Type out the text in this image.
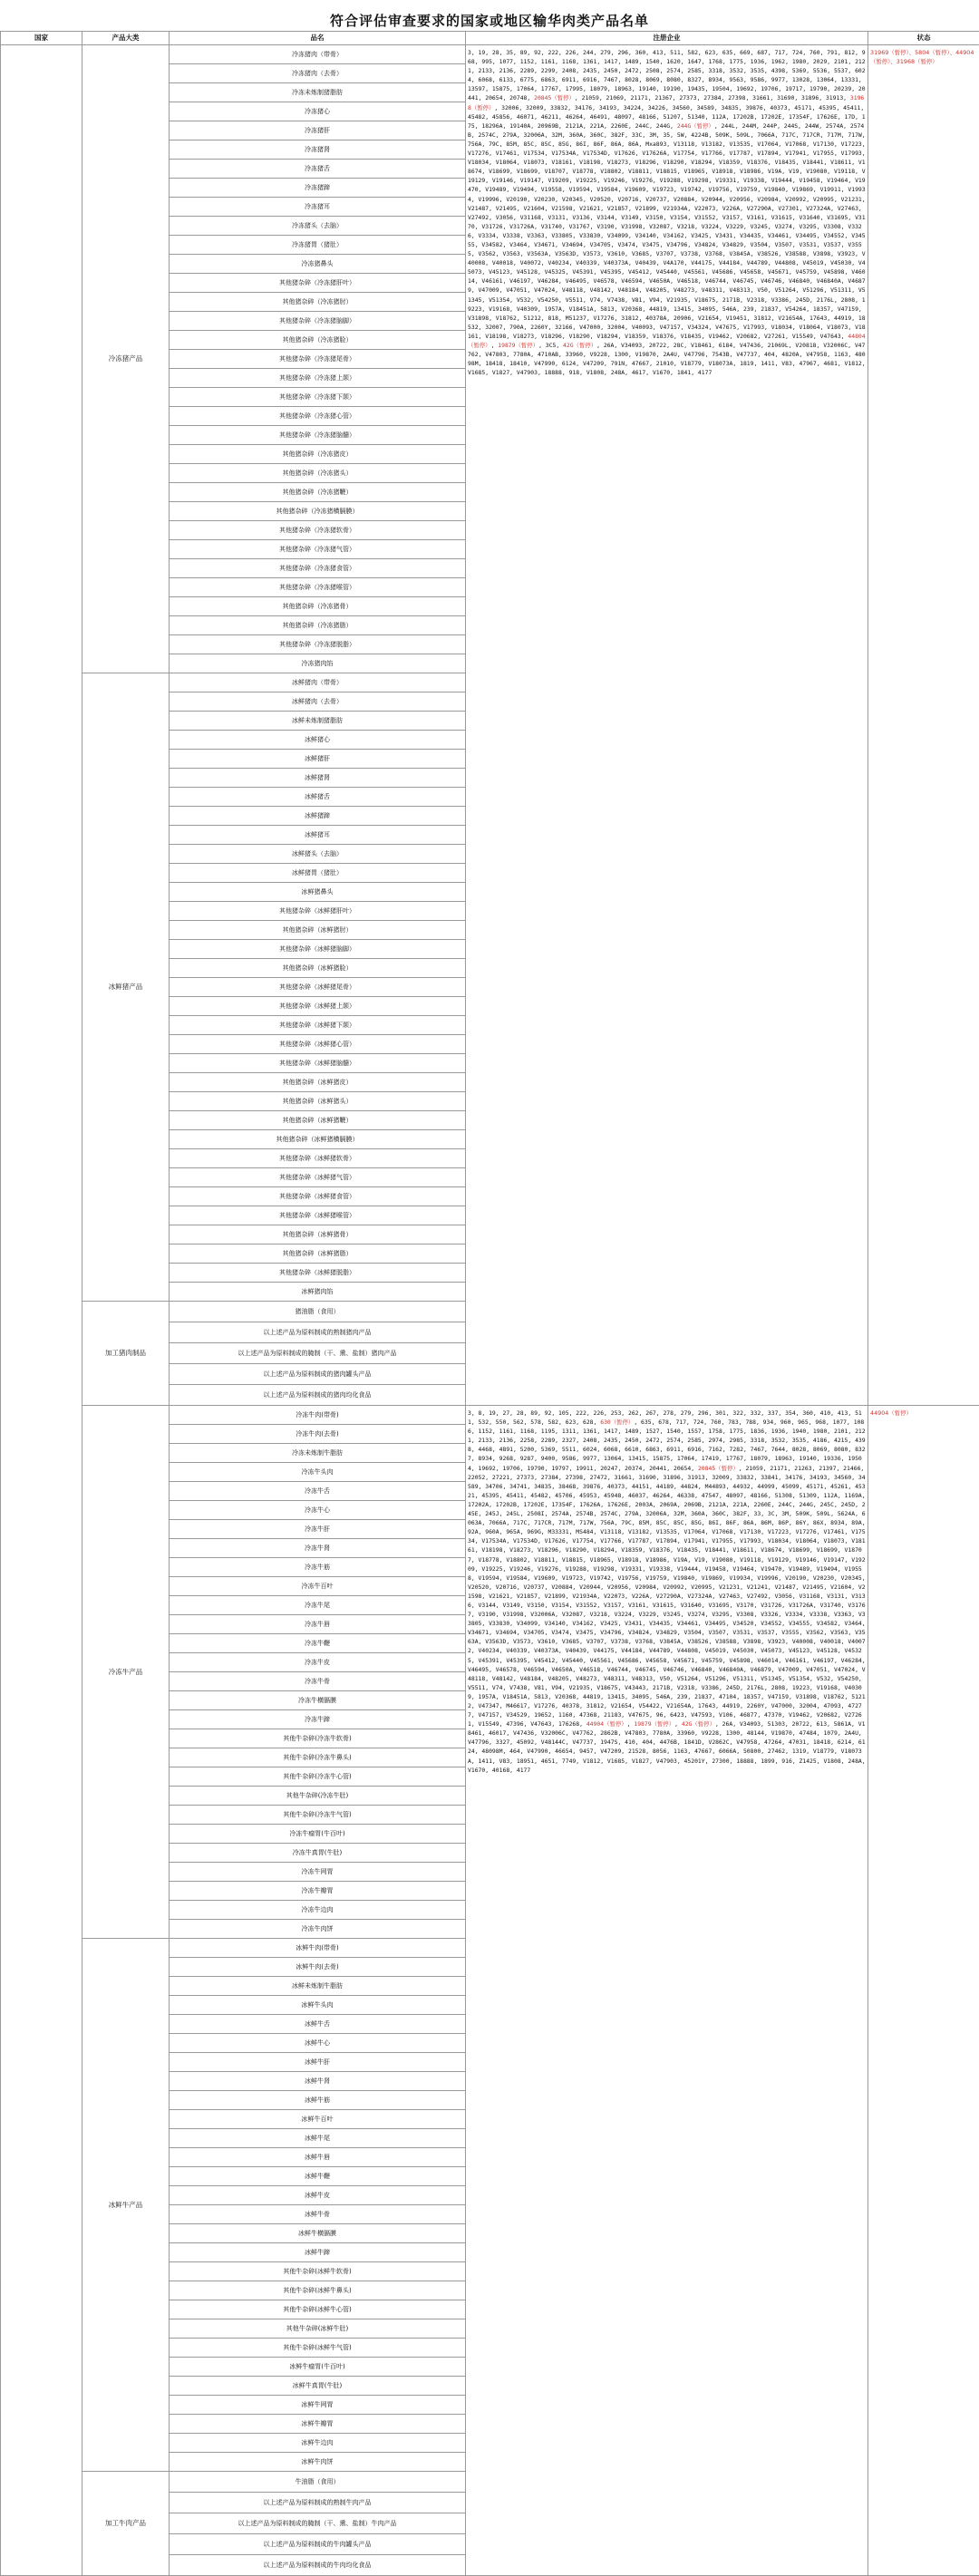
符合评估审查要求的国家或地区输华肉类产品名单
国家	产品大类	品名	注册企业	状态
	冷冻猪产品	冷冻猪肉（带骨）	3, 19, 28, 35, 89, 92, 222, 226, 244, 279, 296, 360, 413, 511, 582, 623, 635, 669, 687, 717, 724, 760, 791, 812, 968, 995, 1077, 1152, 1161, 1168, 1361, 1417, 1489, 1540, 1620, 1647, 1768, 1775, 1936, 1962, 1980, 2029, 2101, 2121, 2133, 2136, 2289, 2299, 2408, 2435, 2450, 2472, 2508, 2574, 2585, 3318, 3532, 3535, 4398, 5369, 5536, 5537, 6024, 6068, 6133, 6775, 6863, 6911, 6916, 7467, 8028, 8069, 8080, 8327, 8934, 9563, 9586, 9977, 13028, 13064, 13331, 13597, 15875, 17064, 17767, 17995, 18079, 18963, 19140, 19190, 19435, 19504, 19692, 19706, 19717, 19790, 20239, 20441, 20654, 20748, 20845（暂停）, 21059, 21069, 21171, 21367, 27373, 27384, 27398, 31661, 31690, 31896, 31913, 31968（暂停）, 32006, 32009, 33832, 34176, 34193, 34224, 34226, 34560, 34589, 34835, 39876, 40373, 45171, 45395, 45411, 45482, 45856, 46071, 46211, 46264, 46491, 48097, 48166, 51207, 51340, 112A, 17202B, 17202E, 17354F, 17626E, 17D, 175, 18296A, 19140A, 20969B, 2121A, 221A, 2260E, 244C, 244G, 244G（暂停）, 244L, 244M, 244P, 244S, 244W, 2574A, 2574B, 2574C, 279A, 32006A, 32M, 360A, 360C, 382F, 33C, 3M, 35, 5W, 4224B, 509K, 509L, 7066A, 717C, 717CR, 717M, 717W, 756A, 79C, 85M, 85C, 85C, 85G, 86I, 86F, 86A, 86A, Mxa893, V13118, V13182, V13535, V17064, V17068, V17130, V17223, V17276, V17461, V17534, V17534A, V17534D, V17626, V17626A, V17754, V17766, V17787, V17894, V17941, V17955, V17993, V18034, V18064, V18073, V18161, V18198, V18273, V18296, V18290, V18294, V18359, V18376, V18435, V18441, V18611, V18674, V18699, V18699, V18707, V18778, V18802, V18811, V18815, V18965, V18918, V18986, V19A, V19, V19080, V19118, V19129, V19146, V19147, V19209, V19225, V19246, V19276, V19288, V19298, V19331, V19338, V19444, V19458, V19464, V19470, V19489, V19494, V19558, V19594, V19584, V19609, V19723, V19742, V19756, V19759, V19840, V19869, V19911, V19934, V19996, V20190, V20230, V20345, V20520, V20716, V20737, V20884, V20944, V20956, V20984, V20992, V20995, V21231, V21487, V21495, V21604, V21598, V21621, V21857, V21899, V21934A, V22073, V226A, V27290A, V27301, V27324A, V27463, V27492, V3056, V31168, V3131, V3136, V3144, V3149, V3150, V3154, V31552, V3157, V3161, V31615, V31640, V31695, V3170, V31726, V31726A, V31740, V31767, V3190, V31998, V32087, V3218, V3224, V3229, V3245, V3274, V3295, V3308, V3326, V3334, V3338, V3363, V33805, V33830, V34099, V34140, V34162, V3425, V3431, V34435, V34461, V34495, V34552, V34555, V34582, V3464, V34671, V34694, V34705, V3474, V3475, V34796, V34824, V34829, V3504, V3507, V3531, V3537, V3555, V3562, V3563, V3563A, V3563D, V3573, V3610, V3685, V3707, V3738, V3768, V3845A, V38526, V38588, V3898, V3923, V40008, V40018, V40072, V40234, V40339, V40373A, V40439, V4A170, V44175, V44184, V44789, V44808, V45019, V45030, V45073, V45123, V45128, V45325, V45391, V45395, V45412, V45440, V45561, V45686, V45658, V45671, V45759, V45898, V46014, V46161, V46197, V46284, V46495, V46578, V46594, V4650A, V46518, V46744, V46745, V46746, V46840, V46840A, V46879, V47009, V47051, V47024, V48118, V48142, V48184, V48205, V48273, V48311, V48313, V50, V51264, V51296, V51311, V51345, V51354, V532, V54250, V5511, V74, V7438, V81, V94, V21935, V18675, 2171B, V2318, V3386, 245D, 2176L, 2808, 19223, V19168, V40309, 1957A, V18451A, 5813, V20368, 44819, 13415, 34095, 546A, 239, 21837, V54264, 18357, V47159, V31898, V18762, 51212, 818, M51237, V17276, 31812, 40378A, 20906, V21654, V19451, 31812, V21654A, 17643, 44919, 18532, 32007, 790A, 2260Y, 32166, V47000, 32004, V40093, V47157, V34324, V47675, V17993, V18034, V18064, V18073, V18161, V18198, V18273, V18296, V18290, V18294, V18359, V18376, V18435, V19462, V20682, V27261, V15549, V47643, 44804（暂停）, 19879（暂停）, 3C5, 42G（暂停）, 26A, V34093, 20722, 28C, V18461, 6184, V47436, 21069L, V20818, V32006C, V47762, V47803, 7780A, 4710AB, 33960, V9228, 1300, V19870, 2A4U, V47796, 7543B, V47737, 404, 4820A, V47958, 1163, 48098M, 18418, 18410, V47990, 6124, V47209, 791N, 47667, 21010, V18779, V18073A, 1819, 1411, V83, 47967, 4681, V1812, V1685, V1827, V47903, 18888, 918, V1808, 248A, 4617, V1670, 1841, 4177	31969（暂停）、5804（暂停）、44904（暂停）、31968（暂停）
		冷冻猪肉（去骨）		
		冷冻未炼制猪脂肪		
		冷冻猪心		
		冷冻猪肝		
		冷冻猪肾		
		冷冻猪舌		
		冷冻猪蹄		
		冷冻猪耳		
		冷冻猪头（去脑）		
		冷冻猪胃（猪肚）		
		冷冻猪鼻头		
		其他猪杂碎（冷冻猪肝叶）		
		其他猪杂碎（冷冻猪肘）		
		其他猪杂碎（冷冻猪脑脚）		
		其他猪杂碎（冷冻猪脸）		
		其他猪杂碎（冷冻猪尾骨）		
		其他猪杂碎（冷冻猪上颌）		
		其他猪杂碎（冷冻猪下颌）		
		其他猪杂碎（冷冻猪心管）		
		其他猪杂碎（冷冻猪脑髓）		
		其他猪杂碎（冷冻猪皮）		
		其他猪杂碎（冷冻猪头）		
		其他猪杂碎（冷冻猪鞭）		
		其他猪杂碎（冷冻猪横膈膜）		
		其他猪杂碎（冷冻猪软骨）		
		其他猪杂碎（冷冻猪气管）		
		其他猪杂碎（冷冻猪食管）		
		其他猪杂碎（冷冻猪喉管）		
		其他猪杂碎（冷冻猪骨）		
		其他猪杂碎（冷冻猪脂）		
		其他猪杂碎（冷冻猪脱脂）		
		冷冻猪肉馅		
	冰鲜猪产品	冰鲜猪肉（带骨）		
		冰鲜猪肉（去骨）		
		冰鲜未炼制猪脂肪		
		冰鲜猪心		
		冰鲜猪肝		
		冰鲜猪肾		
		冰鲜猪舌		
		冰鲜猪蹄		
		冰鲜猪耳		
		冰鲜猪头（去脑）		
		冰鲜猪胃（猪肚）		
		冰鲜猪鼻头		
		其他猪杂碎（冰鲜猪肝叶）		
		其他猪杂碎（冰鲜猪肘）		
		其他猪杂碎（冰鲜猪脑脚）		
		其他猪杂碎（冰鲜猪脸）		
		其他猪杂碎（冰鲜猪尾骨）		
		其他猪杂碎（冰鲜猪上颌）		
		其他猪杂碎（冰鲜猪下颌）		
		其他猪杂碎（冰鲜猪心管）		
		其他猪杂碎（冰鲜猪脑髓）		
		其他猪杂碎（冰鲜猪皮）		
		其他猪杂碎（冰鲜猪头）		
		其他猪杂碎（冰鲜猪鞭）		
		其他猪杂碎（冰鲜猪横膈膜）		
		其他猪杂碎（冰鲜猪软骨）		
		其他猪杂碎（冰鲜猪气管）		
		其他猪杂碎（冰鲜猪食管）		
		其他猪杂碎（冰鲜猪喉管）		
		其他猪杂碎（冰鲜猪骨）		
		其他猪杂碎（冰鲜猪脂）		
		其他猪杂碎（冰鲜猪脱脂）		
		冰鲜猪肉馅		
	加工猪肉制品	猪油脂（食用）		
		以上述产品为原料制成的熟制猪肉产品		
		以上述产品为原料制成的腌制（干、熏、盐制）猪肉产品		
		以上述产品为原料制成的猪肉罐头产品		
		以上述产品为原料制成的猪肉均化食品		
	冷冻牛产品	冷冻牛肉(带骨)	3, 8, 19, 27, 28, 89, 92, 105, 222, 226, 253, 262, 267, 278, 279, 296, 301, 322, 332, 337, 354, 360, 410, 413, 511, 532, 550, 562, 578, 582, 623, 628, 630（暂停）, 635, 678, 717, 724, 760, 783, 788, 934, 960, 965, 968, 1077, 1086, 1152, 1161, 1168, 1195, 1311, 1361, 1417, 1489, 1527, 1540, 1557, 1758, 1775, 1836, 1936, 1940, 1980, 2101, 2121, 2133, 2136, 2258, 2289, 2327, 2408, 2435, 2450, 2472, 2574, 2585, 2974, 2985, 3318, 3532, 3535, 4186, 4215, 4398, 4468, 4891, 5200, 5369, 5511, 6024, 6068, 6610, 6863, 6911, 6916, 7162, 7282, 7467, 7644, 8028, 8069, 8080, 8327, 8934, 9268, 9287, 9400, 9586, 9977, 13064, 13415, 15875, 17064, 17419, 17767, 18079, 18963, 19140, 19336, 19504, 19692, 19706, 19790, 19797, 19911, 20247, 20374, 20441, 20654, 20845（暂停）, 21059, 21171, 21263, 21397, 21466, 22052, 27221, 27373, 27384, 27398, 27472, 31661, 31690, 31896, 31913, 32009, 33832, 33841, 34176, 34193, 34560, 34589, 34706, 34741, 34835, 38468, 39876, 40373, 44151, 44189, 44824, M44893, 44932, 44999, 45099, 45171, 45261, 45321, 45395, 45411, 45482, 45706, 45953, 45948, 46037, 46264, 46338, 47547, 48097, 48166, 51308, 51309, 112A, 1169A, 17202A, 17202B, 17202E, 17354F, 17626A, 17626E, 2003A, 2069A, 2069B, 2121A, 221A, 2260E, 244C, 244G, 245C, 245D, 245E, 245J, 245L, 2508I, 2574A, 2574B, 2574C, 279A, 32006A, 32M, 360A, 360C, 382F, 33, 3C, 3M, 509K, 509L, 5624A, 6063A, 7066A, 717C, 717CR, 717M, 717W, 756A, 79C, 85M, 85C, 85C, 85G, 86I, 86F, 86A, 86M, 86P, 86Y, 86X, 8934, 89A, 92A, 960A, 965A, 969G, M33331, MS484, V13118, V13182, V13535, V17064, V17068, V17130, V17223, V17276, V17461, V17534, V17534A, V17534D, V17626, V17754, V17766, V17787, V17894, V17941, V17955, V17993, V18034, V18064, V18073, V18161, V18198, V18273, V18296, V18290, V18294, V18359, V18376, V18435, V18441, V18611, V18674, V18699, V18699, V18707, V18778, V18802, V18811, V18815, V18965, V18918, V18986, V19A, V19, V19080, V19118, V19129, V19146, V19147, V19209, V19225, V19246, V19276, V19288, V19298, V19331, V19338, V19444, V19458, V19464, V19470, V19489, V19494, V19558, V19594, V19584, V19609, V19723, V19742, V19756, V19759, V19840, V19869, V19934, V19996, V20190, V20230, V20345, V20520, V20716, V20737, V20884, V20944, V20956, V20984, V20992, V20995, V21231, V21241, V21487, V21495, V21604, V21598, V21621, V21857, V21899, V21934A, V22073, V226A, V27290A, V27324A, V27463, V27492, V3056, V31168, V3131, V3136, V3144, V3149, V3150, V3154, V31552, V3157, V3161, V31615, V31640, V31695, V3170, V31726, V31726A, V31740, V31767, V3190, V31998, V32006A, V32087, V3218, V3224, V3229, V3245, V3274, V3295, V3308, V3326, V3334, V3338, V3363, V33805, V33830, V34099, V34140, V34162, V3425, V3431, V34435, V34461, V34495, V34520, V34552, V34555, V34582, V3464, V34671, V34694, V34705, V3474, V3475, V34796, V34824, V34829, V3504, V3507, V3531, V3537, V3555, V3562, V3563, V3563A, V3563D, V3573, V3610, V3685, V3707, V3738, V3768, V3845A, V38526, V38588, V3898, V3923, V40008, V40018, V40072, V40234, V40339, V40373A, V40439, V44175, V44184, V44789, V44808, V45019, V45030, V45073, V45123, V45128, V45325, V45391, V45395, V45412, V45440, V45561, V45686, V45658, V45671, V45759, V45898, V46014, V46161, V46197, V46284, V46495, V46578, V46594, V4650A, V46518, V46744, V46745, V46746, V46840, V46840A, V46879, V47009, V47051, V47024, V48118, V48142, V48184, V48205, V48273, V48311, V48313, V50, V51264, V51296, V51311, V51345, V51354, V532, V54250, V5511, V74, V7438, V81, V94, V21935, V18675, V43443, 2171B, V2318, V3386, 245D, 2176L, 2808, 19223, V19168, V40309, 1957A, V18451A, 5813, V20368, 44819, 13415, 34095, 546A, 239, 21837, 47104, 18357, V47159, V31898, V18762, 51212, V47347, M46617, V17276, 40378, 31812, V21654, V54422, V21654A, 17643, 44919, 2260Y, V47000, 32004, 47093, 47277, V47157, V34529, 19652, 1160, 47368, 21183, V47675, 96, 6423, V47593, V106, 46877, 47370, V19462, V20682, V27261, V15549, 47396, V47643, 176268, 44904（暂停）, 19879（暂停）, 42G（暂停）, 26A, V34093, 51303, 20722, 613, 5861A, V18461, 46017, V47436, V32006C, V47762, 2862B, V47803, 7780A, 33960, V9228, 1300, 48144, V19870, 47484, 1079, 2A4U, V47796, 3327, 45092, V48144C, V47737, 1947S, 410, 404, 4476B, 1841D, V2862C, V47958, 47264, 47031, 18418, 6214, 6124, 48098M, 464, V47990, 46654, 9457, V47209, 21528, 8056, 1163, 47667, 6066A, 50800, 27462, 1319, V18779, V18073A, 1411, V83, 18951, 4651, 7749, V1812, V1685, V1827, V47903, 45201Y, 27300, 18888, 1899, 916, Z1425, V1808, 248A, V1670, 40168, 4177	44904（暂停）
		冷冻牛肉(去骨)		
		冷冻未炼制牛脂肪		
		冷冻牛头肉		
		冷冻牛舌		
		冷冻牛心		
		冷冻牛肝		
		冷冻牛肾		
		冷冻牛筋		
		冷冻牛百叶		
		冷冻牛尾		
		冷冻牛唇		
		冷冻牛鞭		
		冷冻牛皮		
		冷冻牛骨		
		冷冻牛横膈膜		
		冷冻牛蹄		
		其他牛杂碎(冷冻牛软骨)		
		其他牛杂碎(冷冻牛鼻头)		
		其他牛杂碎(冷冻牛心管)		
		其他牛杂碎(冷冻牛肚)		
		其他牛杂碎(冷冻牛气管)		
		冷冻牛瘤胃(牛百叶)		
		冷冻牛真胃(牛肚)		
		冷冻牛网胃		
		冷冻牛瓣胃		
		冷冻牛边肉		
		冷冻牛肉饼		
	冰鲜牛产品	冰鲜牛肉(带骨)		
		冰鲜牛肉(去骨)		
		冰鲜未炼制牛脂肪		
		冰鲜牛头肉		
		冰鲜牛舌		
		冰鲜牛心		
		冰鲜牛肝		
		冰鲜牛肾		
		冰鲜牛筋		
		冰鲜牛百叶		
		冰鲜牛尾		
		冰鲜牛唇		
		冰鲜牛鞭		
		冰鲜牛皮		
		冰鲜牛骨		
		冰鲜牛横膈膜		
		冰鲜牛蹄		
		其他牛杂碎(冰鲜牛软骨)		
		其他牛杂碎(冰鲜牛鼻头)		
		其他牛杂碎(冰鲜牛心管)		
		其他牛杂碎(冰鲜牛肚)		
		其他牛杂碎(冰鲜牛气管)		
		冰鲜牛瘤胃(牛百叶)		
		冰鲜牛真胃(牛肚)		
		冰鲜牛网胃		
		冰鲜牛瓣胃		
		冰鲜牛边肉		
		冰鲜牛肉饼		
	加工牛肉产品	牛油脂（食用）		
		以上述产品为原料制成的熟制牛肉产品		
		以上述产品为原料制成的腌制（干、熏、盐制）牛肉产品		
		以上述产品为原料制成的牛肉罐头产品		
		以上述产品为原料制成的牛肉均化食品		
